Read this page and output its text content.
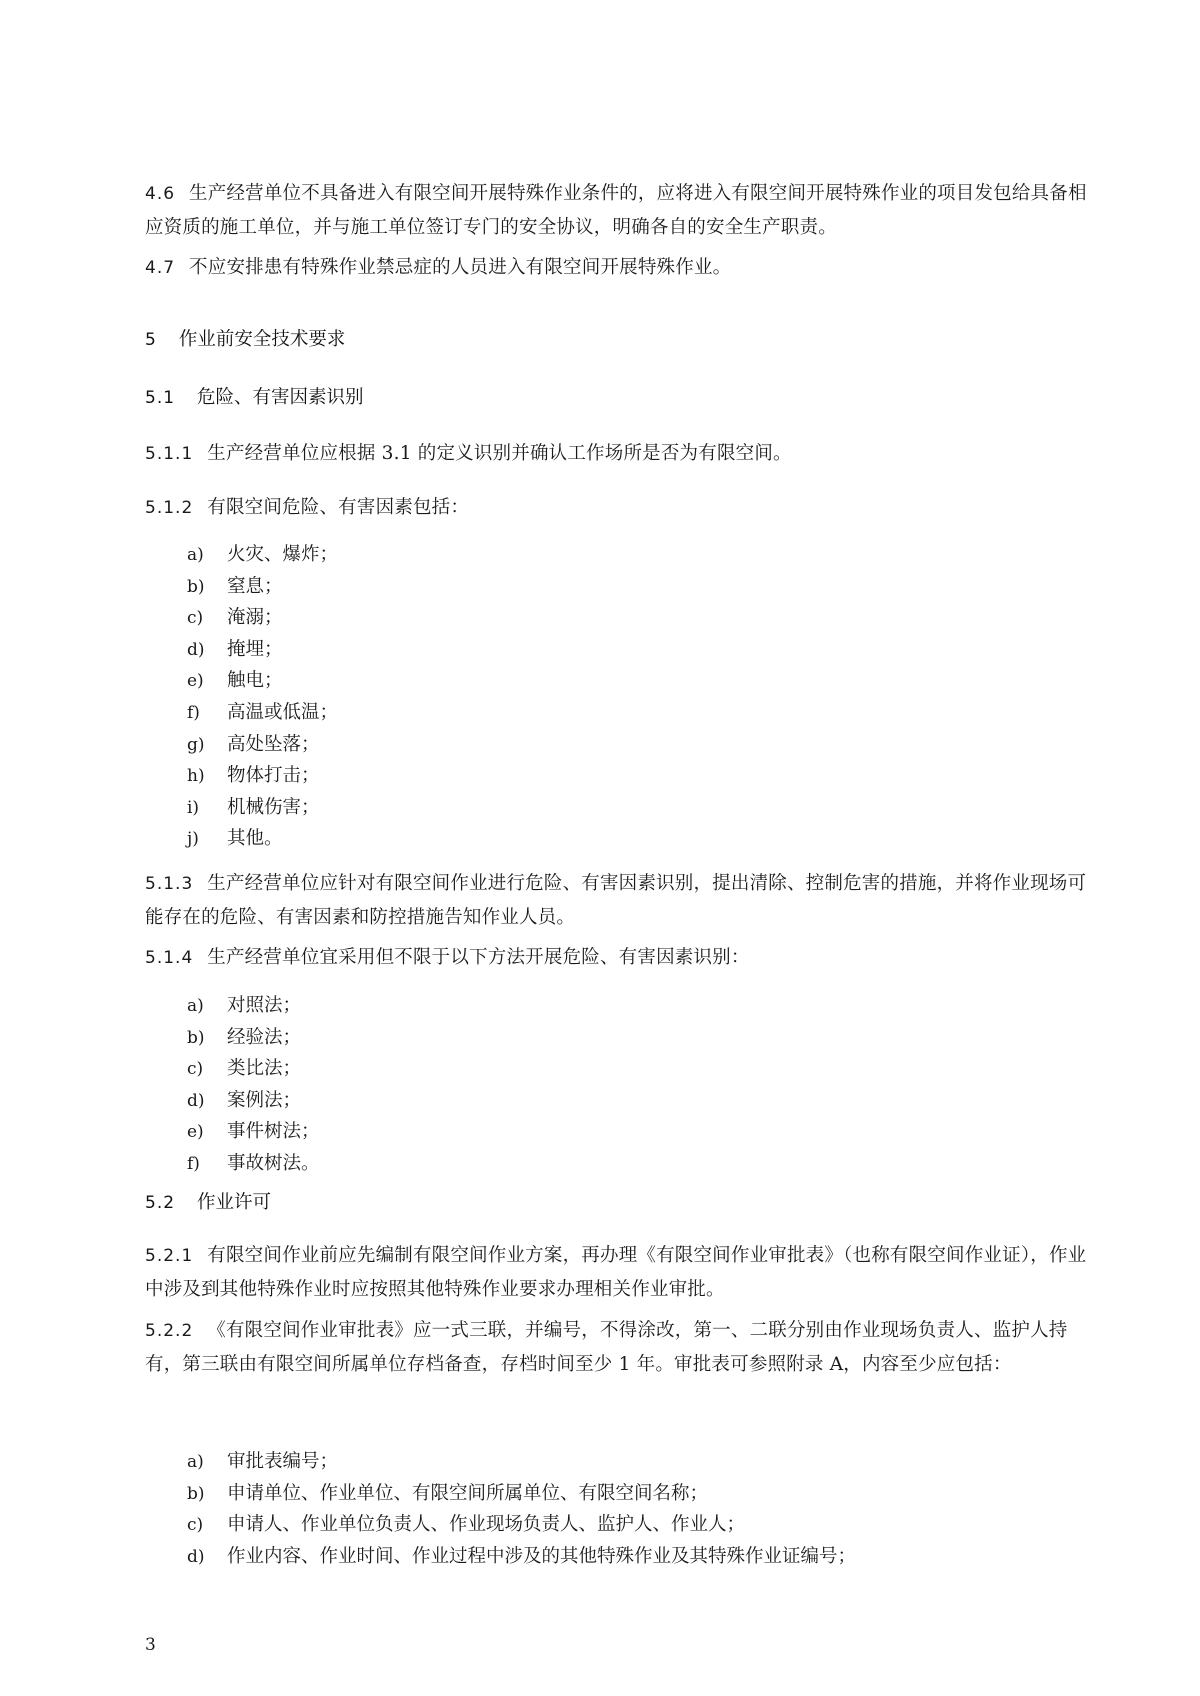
4.6 生产经营单位不具备进入有限空间开展特殊作业条件的，应将进入有限空间开展特殊作业的项目发包给具备相应资质的施工单位，并与施工单位签订专门的安全协议，明确各自的安全生产职责。

4.7 不应安排患有特殊作业禁忌症的人员进入有限空间开展特殊作业。

5 作业前安全技术要求

5.1 危险、有害因素识别

5.1.1 生产经营单位应根据 3.1 的定义识别并确认工作场所是否为有限空间。

5.1.2 有限空间危险、有害因素包括：

a) 火灾、爆炸；
b) 窒息；
c) 淹溺；
d) 掩埋；
e) 触电；
f) 高温或低温；
g) 高处坠落；
h) 物体打击；
i) 机械伤害；
j) 其他。

5.1.3 生产经营单位应针对有限空间作业进行危险、有害因素识别，提出清除、控制危害的措施，并将作业现场可能存在的危险、有害因素和防控措施告知作业人员。

5.1.4 生产经营单位宜采用但不限于以下方法开展危险、有害因素识别：

a) 对照法；
b) 经验法；
c) 类比法；
d) 案例法；
e) 事件树法；
f) 事故树法。

5.2 作业许可

5.2.1 有限空间作业前应先编制有限空间作业方案，再办理《有限空间作业审批表》（也称有限空间作业证），作业中涉及到其他特殊作业时应按照其他特殊作业要求办理相关作业审批。

5.2.2 《有限空间作业审批表》应一式三联，并编号，不得涂改，第一、二联分别由作业现场负责人、监护人持有，第三联由有限空间所属单位存档备查，存档时间至少 1 年。审批表可参照附录 A，内容至少应包括：

a) 审批表编号；
b) 申请单位、作业单位、有限空间所属单位、有限空间名称；
c) 申请人、作业单位负责人、作业现场负责人、监护人、作业人；
d) 作业内容、作业时间、作业过程中涉及的其他特殊作业及其特殊作业证编号；
3
